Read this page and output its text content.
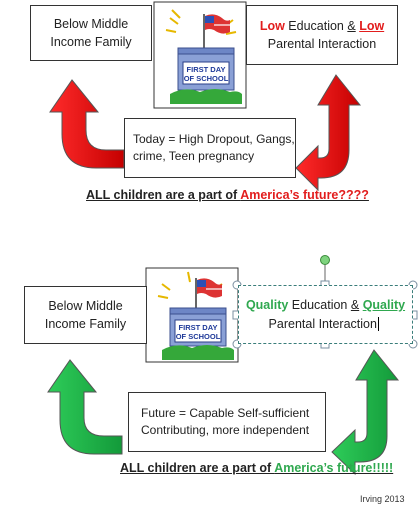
FIRST DAY
OF SCHOOL
FIRST DAY
OF SCHOOL
Below Middle
Income Family
Low Education & Low
Parental Interaction
Today = High Dropout, Gangs,
crime, Teen pregnancy
ALL children are a part of America’s future????
Below Middle
Income Family
Quality Education & Quality
Parental Interaction
Future = Capable Self-sufficient
Contributing, more independent
ALL children are a part of America’s future!!!!!
Irving 2013
